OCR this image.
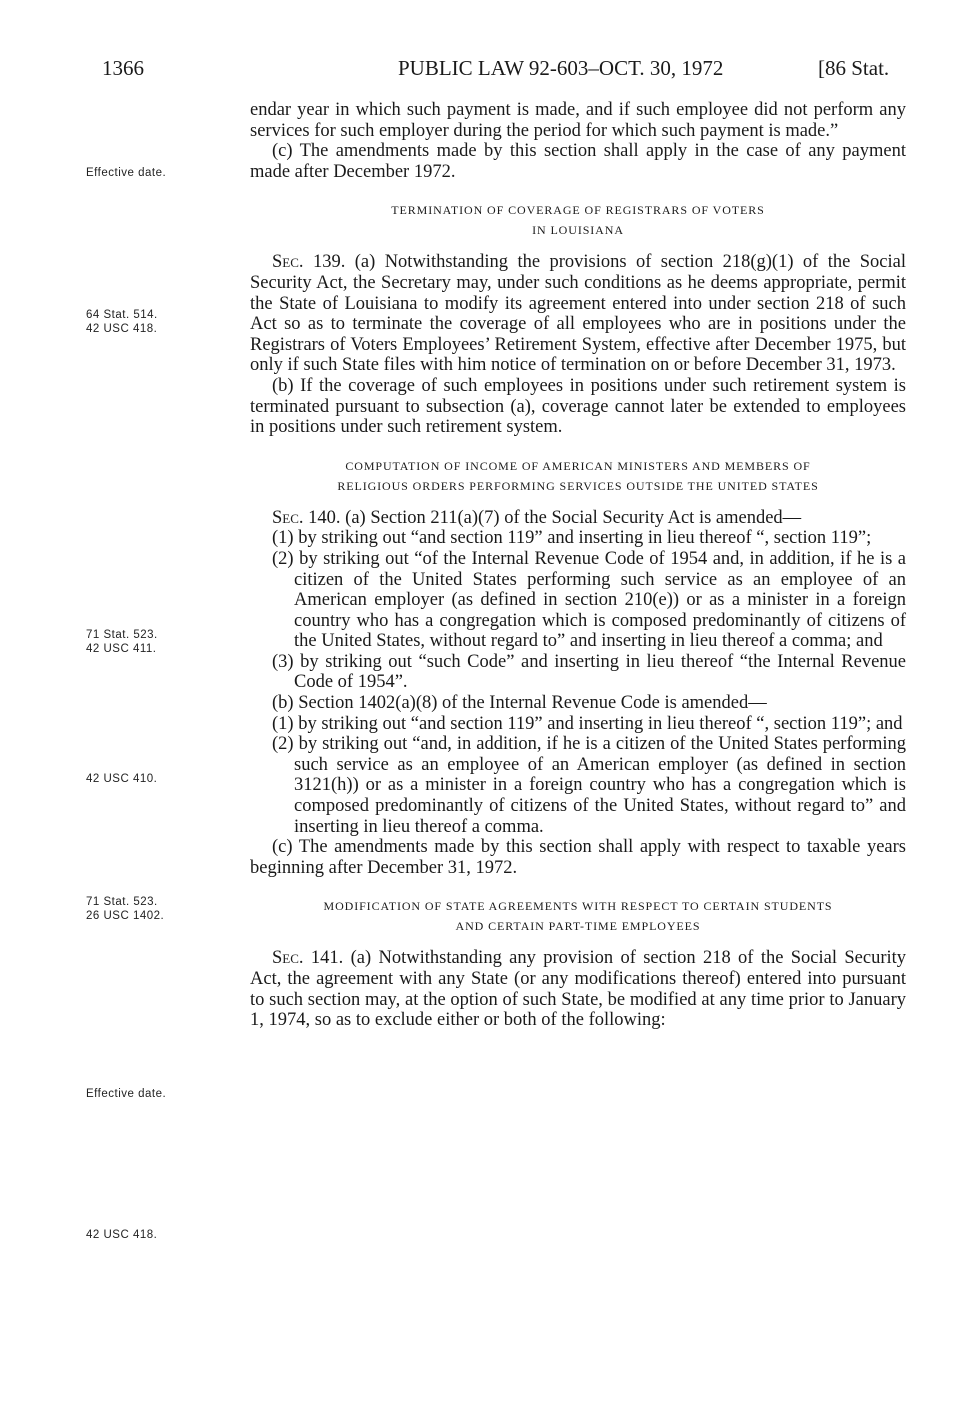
1366	PUBLIC LAW 92-603–OCT. 30, 1972	[86 Stat.
Effective date.
64 Stat. 514.
42 USC 418.
71 Stat. 523.
42 USC 411.
42 USC 410.
71 Stat. 523.
26 USC 1402.
Effective date.
42 USC 418.

endar year in which such payment is made, and if such employee did not perform any services for such employer during the period for which such payment is made.”

(c) The amendments made by this section shall apply in the case of any payment made after December 1972.

TERMINATION OF COVERAGE OF REGISTRARS OF VOTERS
IN LOUISIANA

Sec. 139. (a) Notwithstanding the provisions of section 218(g)(1) of the Social Security Act, the Secretary may, under such conditions as he deems appropriate, permit the State of Louisiana to modify its agreement entered into under section 218 of such Act so as to terminate the coverage of all employees who are in positions under the Registrars of Voters Employees’ Retirement System, effective after December 1975, but only if such State files with him notice of termination on or before December 31, 1973.

(b) If the coverage of such employees in positions under such retirement system is terminated pursuant to subsection (a), coverage cannot later be extended to employees in positions under such retirement system.

COMPUTATION OF INCOME OF AMERICAN MINISTERS AND MEMBERS OF
RELIGIOUS ORDERS PERFORMING SERVICES OUTSIDE THE UNITED STATES

Sec. 140. (a) Section 211(a)(7) of the Social Security Act is amended—

(1) by striking out “and section 119” and inserting in lieu thereof “, section 119”;

(2) by striking out “of the Internal Revenue Code of 1954 and, in addition, if he is a citizen of the United States performing such service as an employee of an American employer (as defined in section 210(e)) or as a minister in a foreign country who has a congregation which is composed predominantly of citizens of the United States, without regard to” and inserting in lieu thereof a comma; and

(3) by striking out “such Code” and inserting in lieu thereof “the Internal Revenue Code of 1954”.

(b) Section 1402(a)(8) of the Internal Revenue Code is amended—

(1) by striking out “and section 119” and inserting in lieu thereof “, section 119”; and

(2) by striking out “and, in addition, if he is a citizen of the United States performing such service as an employee of an American employer (as defined in section 3121(h)) or as a minister in a foreign country who has a congregation which is composed predominantly of citizens of the United States, without regard to” and inserting in lieu thereof a comma.

(c) The amendments made by this section shall apply with respect to taxable years beginning after December 31, 1972.

MODIFICATION OF STATE AGREEMENTS WITH RESPECT TO CERTAIN STUDENTS
AND CERTAIN PART-TIME EMPLOYEES

Sec. 141. (a) Notwithstanding any provision of section 218 of the Social Security Act, the agreement with any State (or any modifications thereof) entered into pursuant to such section may, at the option of such State, be modified at any time prior to January 1, 1974, so as to exclude either or both of the following:
